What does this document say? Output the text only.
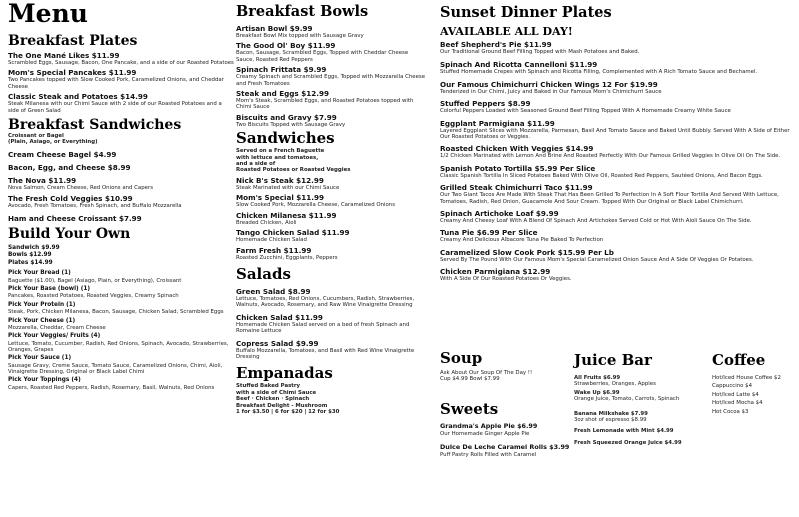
Menu
Breakfast Plates
The One Mané Likes $11.99
Scrambled Eggs, Sausage, Bacon, One Pancake, and a side of our Roasted Potatoes
Mom's Special Pancakes $11.99
Two Pancakes topped with Slow Cooked Pork, Caramelized Onions, and Cheddar Cheese
Classic Steak and Potatoes $14.99
Steak Milanesa with our Chimi Sauce with 2 side of our Roasted Potatoes and a side of Green Salad
Breakfast Sandwiches
Croissant or Bagel
(Plain, Asiago, or Everything)
Cream Cheese Bagel $4.99
Bacon, Egg, and Cheese $8.99
The Nova $11.99
Nova Salmon, Cream Cheese, Red Onions and Capers
The Fresh Cold Veggies $10.99
Avocado, Fresh Tomatoes, Fresh Spinach, and Buffalo Mozzarella
Ham and Cheese Croissant $7.99
Build Your Own
Sandwich $9.99
Bowls $12.99
Plates $14.99
Pick Your Bread (1)
Baguette ($1.00), Bagel (Asiago, Plain, or Everything), Croissant
Pick Your Base (bowl) (1)
Pancakes, Roasted Potatoes, Roasted Veggies, Creamy Spinach
Pick Your Protein (1)
Steak, Pork, Chicken Milanesa, Bacon, Sausage, Chicken Salad, Scrambled Eggs
Pick Your Cheese (1)
Mozzarella, Cheddar, Cream Cheese
Pick Your Veggies/ Fruits (4)
Lettuce, Tomato, Cucumber, Radish, Red Onions, Spinach, Avocado, Strawberries, Oranges, Grapes
Pick Your Sauce (1)
Sausage Gravy, Creme Sauce, Tomato Sauce, Caramelized Onions, Chimi, Aioli, Vinaigrette Dressing, Original or Black Label Chimi
Pick Your Toppings (4)
Capers, Roasted Red Peppers, Radish, Rosemary, Basil, Walnuts, Red Onions
Breakfast Bowls
Artisan Bowl $9.99
Breakfast Bowl Mix topped with Sausage Gravy
The Good Ol' Boy $11.99
Bacon, Sausage, Scrambled Eggs, Topped with Cheddar Cheese Sauce, Roasted Red Peppers
Spinach Frittata $9.99
Creamy Spinach and Scrambled Eggs, Topped with Mozzarella Cheese and Fresh Tomatoes
Steak and Eggs $12.99
Mom's Steak, Scrambled Eggs, and Roasted Potatoes topped with Chimi Sauce
Biscuits and Gravy $7.99
Two Biscuits Topped with Sausage Gravy
Sandwiches
Served on a French Baguette
with lettuce and tomatoes,
and a side of
Roasted Potatoes or Roasted Veggies
Nick B's Steak $12.99
Steak Marinated with our Chimi Sauce
Mom's Special $11.99
Slow Cooked Pork, Mozzarella Cheese, Caramelized Onions
Chicken Milanesa $11.99
Breaded Chicken, Aioli
Tango Chicken Salad $11.99
Homemade Chicken Salad
Farm Fresh $11.99
Roasted Zucchini, Eggplants, Peppers
Salads
Green Salad $8.99
Lettuce, Tomatoes, Red Onions, Cucumbers, Radish, Strawberries, Walnuts, Avocado, Rosemary, and Raw Wine Vinaigrette Dressing
Chicken Salad $11.99
Homemade Chicken Salad served on a bed of fresh Spinach and Romaine Lettuce
Copress Salad $9.99
Buffalo Mozzarella, Tomatoes, and Basil with Red Wine Vinaigrette Dressing
Empanadas
Stuffed Baked Pastry
with a side of Chimi Sauce
Beef · Chicken · Spinach
Breakfast Delight - Mushroom
1 for $3.50 | 6 for $20 | 12 for $30
Sunset Dinner Plates
AVAILABLE ALL DAY!
Beef Shepherd's Pie $11.99
Our Traditional Ground Beef Filling Topped with Mash Potatoes and Baked.
Spinach And Ricotta Cannelloni $11.99
Stuffed Homemade Crepes with Spinach and Ricotta Filling, Complemented with A Rich Tomato Sauce and Bechamel.
Our Famous Chimichurri Chicken Wings 12 For $19.99
Tenderized in Our Chimi, Juicy and Baked in Our Famous Mom's Chimichurri Sauce
Stuffed Peppers $8.99
Colorful Peppers Loaded with Seasoned Ground Beef Filling Topped With A Homemade Creamy White Sauce
Eggplant Parmigiana $11.99
Layered Eggplant Slices with Mozzarella, Parmesan, Basil And Tomato Sauce and Baked Until Bubbly. Served With A Side of Either Our Roasted Potatoes or Veggies.
Roasted Chicken With Veggies $14.99
1/2 Chicken Marinated with Lemon And Brine And Roasted Perfectly With Our Famous Grilled Veggies In Olive Oil On The Side.
Spanish Potato Tortilla $5.99 Per Slice
Classic Spanish Tortilla In Sliced Potatoes Baked With Olive Oil, Roasted Red Peppers, Sautéed Onions, And Bacon Eggs.
Grilled Steak Chimichurri Taco $11.99
Our Two Giant Tacos Are Made With Steak That Has Been Grilled To Perfection In A Soft Flour Tortilla And Served With Lettuce, Tomatoes, Radish, Red Onion, Guacamole And Sour Cream. Topped With Our Original or Black Label Chimichurri.
Spinach Artichoke Loaf $9.99
Creamy And Cheesy Loaf With A Blend Of Spinach And Artichokes Served Cold or Hot With Aioli Sauce On The Side.
Tuna Pie $6.99 Per Slice
Creamy And Delicious Albacore Tuna Pie Baked To Perfection
Caramelized Slow Cook Pork $15.99 Per Lb
Served By The Pound With Our Famous Mom's Special Caramelized Onion Sauce And A Side Of Veggies Or Potatoes.
Chicken Parmigiana $12.99
With A Side Of Our Roasted Potatoes Or Veggies.
Soup
Ask About Our Soup Of The Day !!
Cup $4.99 Bowl $7.99
Sweets
Grandma's Apple Pie $6.99
Our Homemade Ginger Apple Pie
Dulce De Leche Caramel Rolls $3.99
Puff Pastry Rolls Filled with Caramel
Juice Bar
All Fruits $6.99
Strawberries, Oranges, Apples
Wake Up $6.99
Orange Juice, Tomato, Carrots, Spinach
Banana Milkshake $7.99
3oz shot of espresso $8.99
Fresh Lemonade with Mint $4.99
Fresh Squeezed Orange Juice $4.99
Coffee
Hot/Iced House Coffee $2
Cappuccino $4
Hot/Iced Latte $4
Hot/Iced Mocha $4
Hot Cocoa $3
